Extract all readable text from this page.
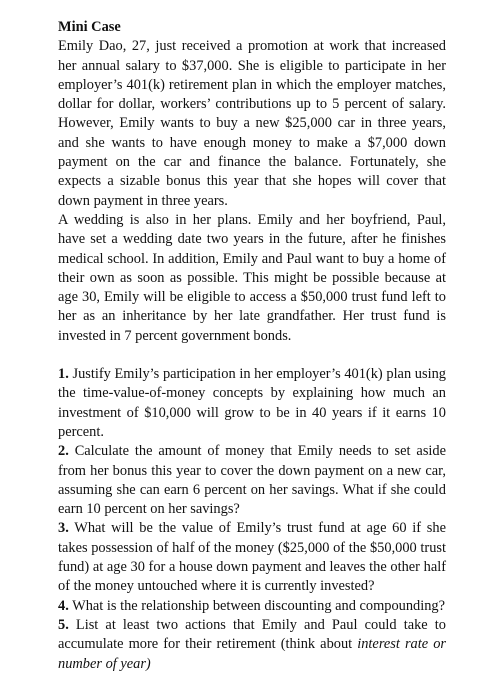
Mini Case

Emily Dao, 27, just received a promotion at work that increased her annual salary to $37,000. She is eligible to participate in her employer’s 401(k) retirement plan in which the employer matches, dollar for dollar, workers’ contributions up to 5 percent of salary. However, Emily wants to buy a new $25,000 car in three years, and she wants to have enough money to make a $7,000 down payment on the car and finance the balance. Fortunately, she expects a sizable bonus this year that she hopes will cover that down payment in three years.

A wedding is also in her plans. Emily and her boyfriend, Paul, have set a wedding date two years in the future, after he finishes medical school. In addition, Emily and Paul want to buy a home of their own as soon as possible. This might be possible because at age 30, Emily will be eligible to access a $50,000 trust fund left to her as an inheritance by her late grandfather. Her trust fund is invested in 7 percent government bonds.

1. Justify Emily’s participation in her employer’s 401(k) plan using the time-value-of-money concepts by explaining how much an investment of $10,000 will grow to be in 40 years if it earns 10 percent.

2. Calculate the amount of money that Emily needs to set aside from her bonus this year to cover the down payment on a new car, assuming she can earn 6 percent on her savings. What if she could earn 10 percent on her savings?

3. What will be the value of Emily’s trust fund at age 60 if she takes possession of half of the money ($25,000 of the $50,000 trust fund) at age 30 for a house down payment and leaves the other half of the money untouched where it is currently invested?

4. What is the relationship between discounting and compounding?

5. List at least two actions that Emily and Paul could take to accumulate more for their retirement (think about interest rate or number of year)
